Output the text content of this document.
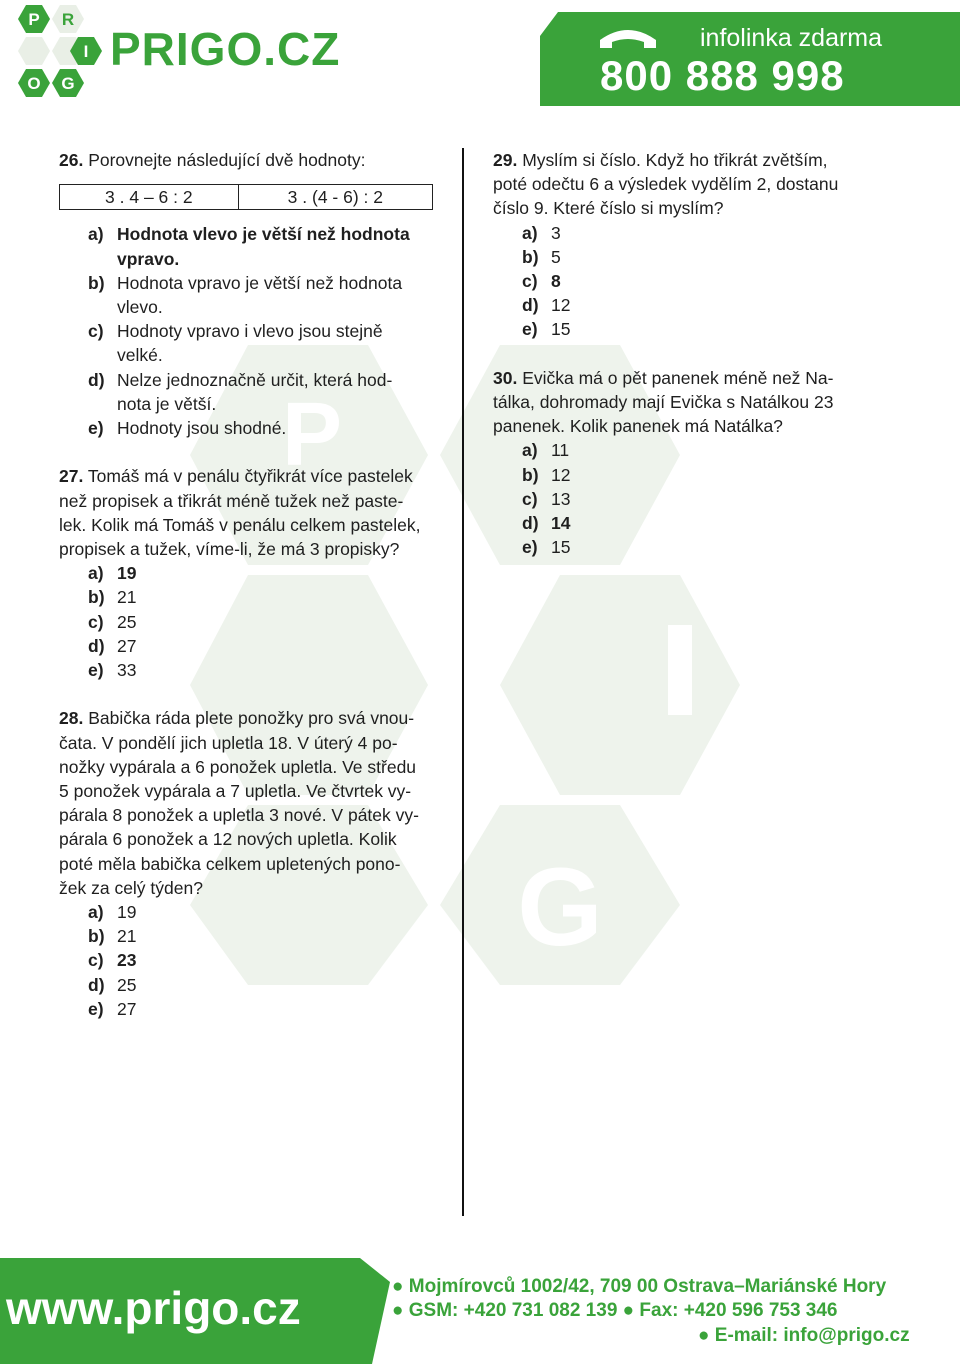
P R
I
O G
PRIGO.CZ	infolinka zdarma
800 888 998
P
G

26. Porovnejte následující dvě hodnoty:

3 . 4 – 6 : 2	3 . (4 - 6) : 2
a) Hodnota vlevo je větší než hodnota
vpravo.
b) Hodnota vpravo je větší než hodnota
vlevo.
c) Hodnoty vpravo i vlevo jsou stejně
velké.
d) Nelze jednoznačně určit, která hod-
nota je větší.
e) Hodnoty jsou shodné.

27. Tomáš má v penálu čtyřikrát více pastelek
než propisek a třikrát méně tužek než paste-
lek. Kolik má Tomáš v penálu celkem pastelek,
propisek a tužek, víme-li, že má 3 propisky?

a) 19
b) 21
c) 25
d) 27
e) 33

28. Babička ráda plete ponožky pro svá vnou-
čata. V pondělí jich upletla 18. V úterý 4 po-
nožky vypárala a 6 ponožek upletla. Ve středu
5 ponožek vypárala a 7 upletla. Ve čtvrtek vy-
párala 8 ponožek a upletla 3 nové. V pátek vy-
párala 6 ponožek a 12 nových upletla. Kolik
poté měla babička celkem upletených pono-
žek za celý týden?

a) 19
b) 21
c) 23
d) 25
e) 27

29. Myslím si číslo. Když ho třikrát zvětším,
poté odečtu 6 a výsledek vydělím 2, dostanu
číslo 9. Které číslo si myslím?

a) 3
b) 5
c) 8
d) 12
e) 15

30. Evička má o pět panenek méně než Na-
tálka, dohromady mají Evička s Natálkou 23
panenek. Kolik panenek má Natálka?

a) 11
b) 12
c) 13
d) 14
e) 15
www.prigo.cz	● Mojmírovců 1002/42, 709 00 Ostrava–Mariánské Hory
● GSM: +420 731 082 139 ● Fax: +420 596 753 346
● E-mail: info@prigo.cz
